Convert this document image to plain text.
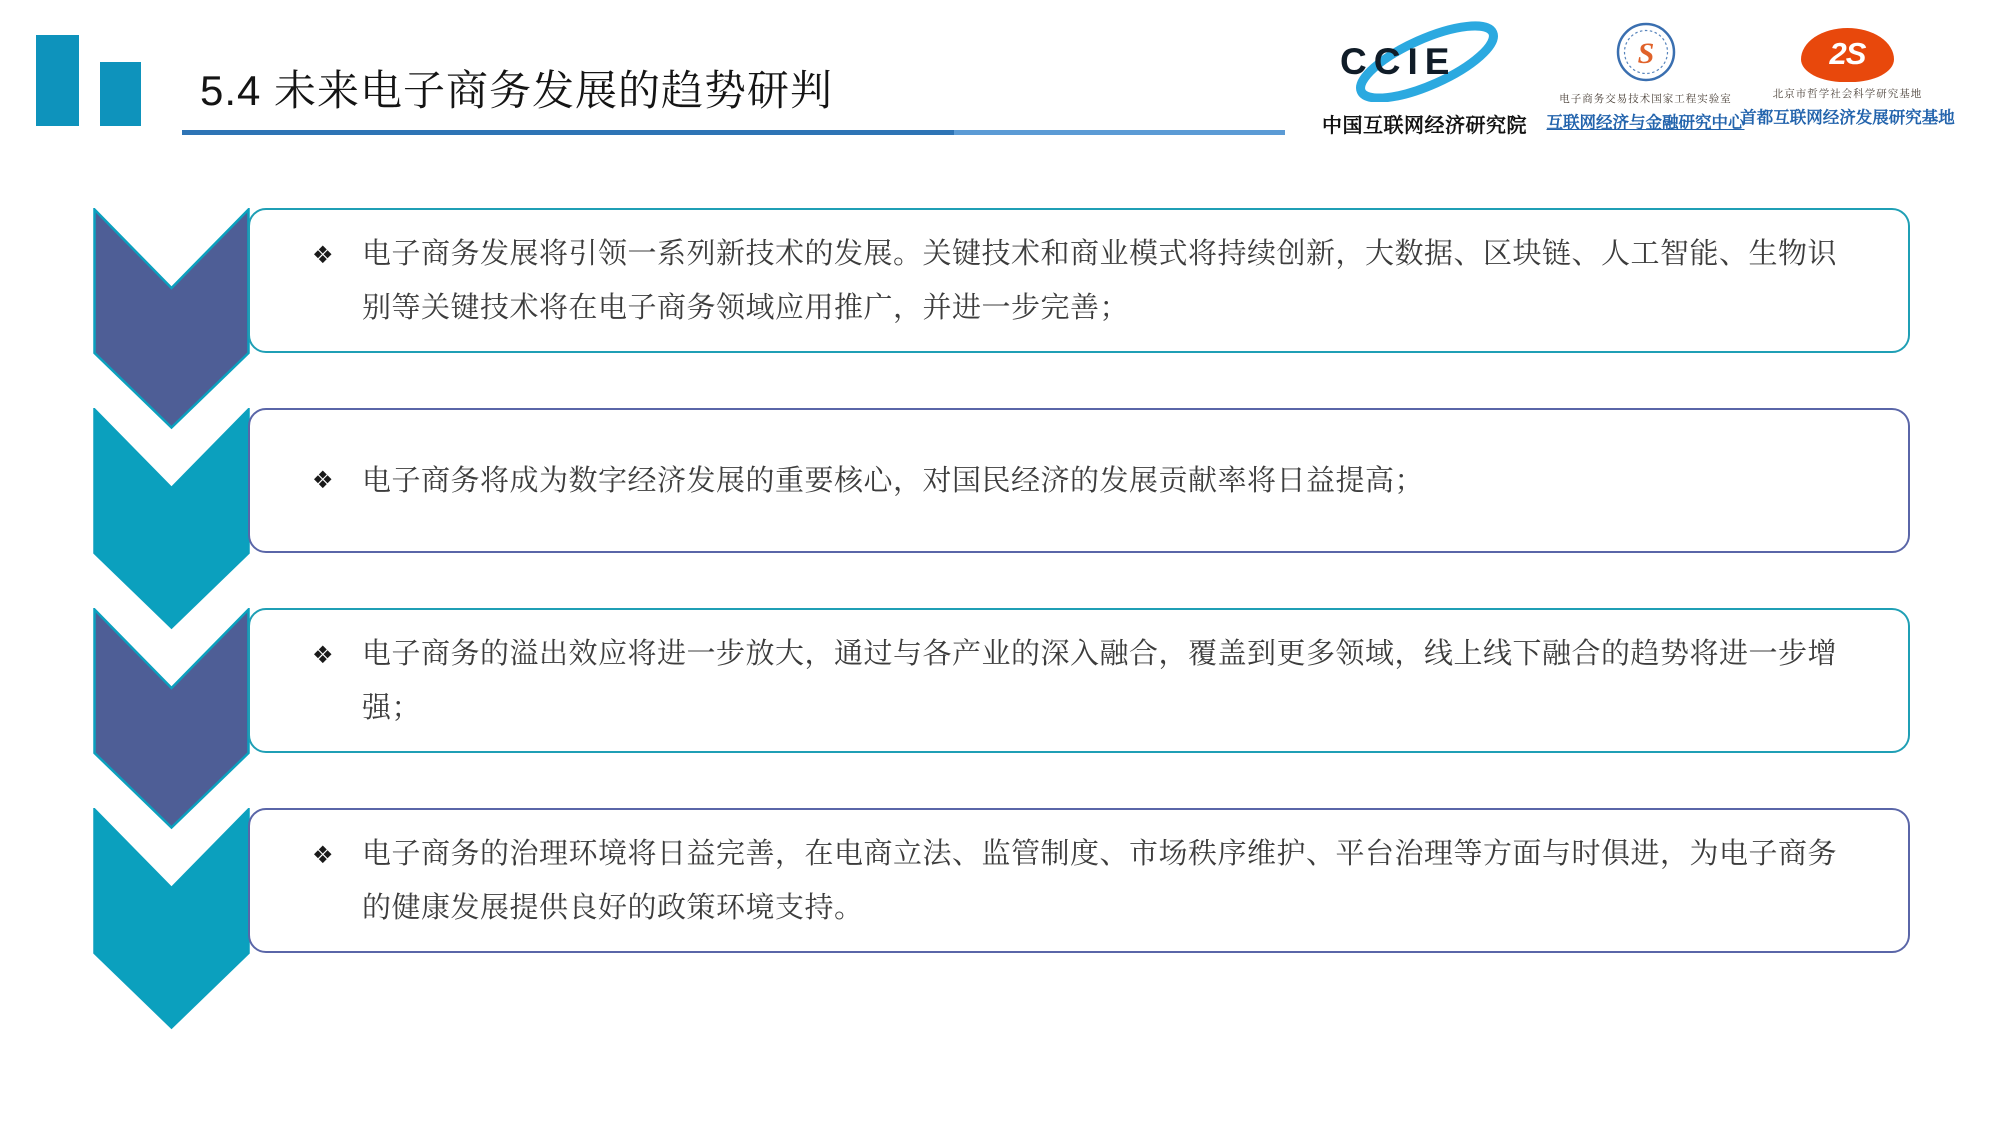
5.4 未来电子商务发展的趋势研判
CCIE
中国互联网经济研究院
S
电子商务交易技术国家工程实验室
互联网经济与金融研究中心
2S
北京市哲学社会科学研究基地
首都互联网经济发展研究基地
❖ 电子商务发展将引领一系列新技术的发展。关键技术和商业模式将持续创新，大数据、区块链、人工智能、生物识
别等关键技术将在电子商务领域应用推广，并进一步完善；
❖ 电子商务将成为数字经济发展的重要核心，对国民经济的发展贡献率将日益提高；
❖ 电子商务的溢出效应将进一步放大，通过与各产业的深入融合，覆盖到更多领域，线上线下融合的趋势将进一步增
强；
❖ 电子商务的治理环境将日益完善，在电商立法、监管制度、市场秩序维护、平台治理等方面与时俱进，为电子商务
的健康发展提供良好的政策环境支持。
